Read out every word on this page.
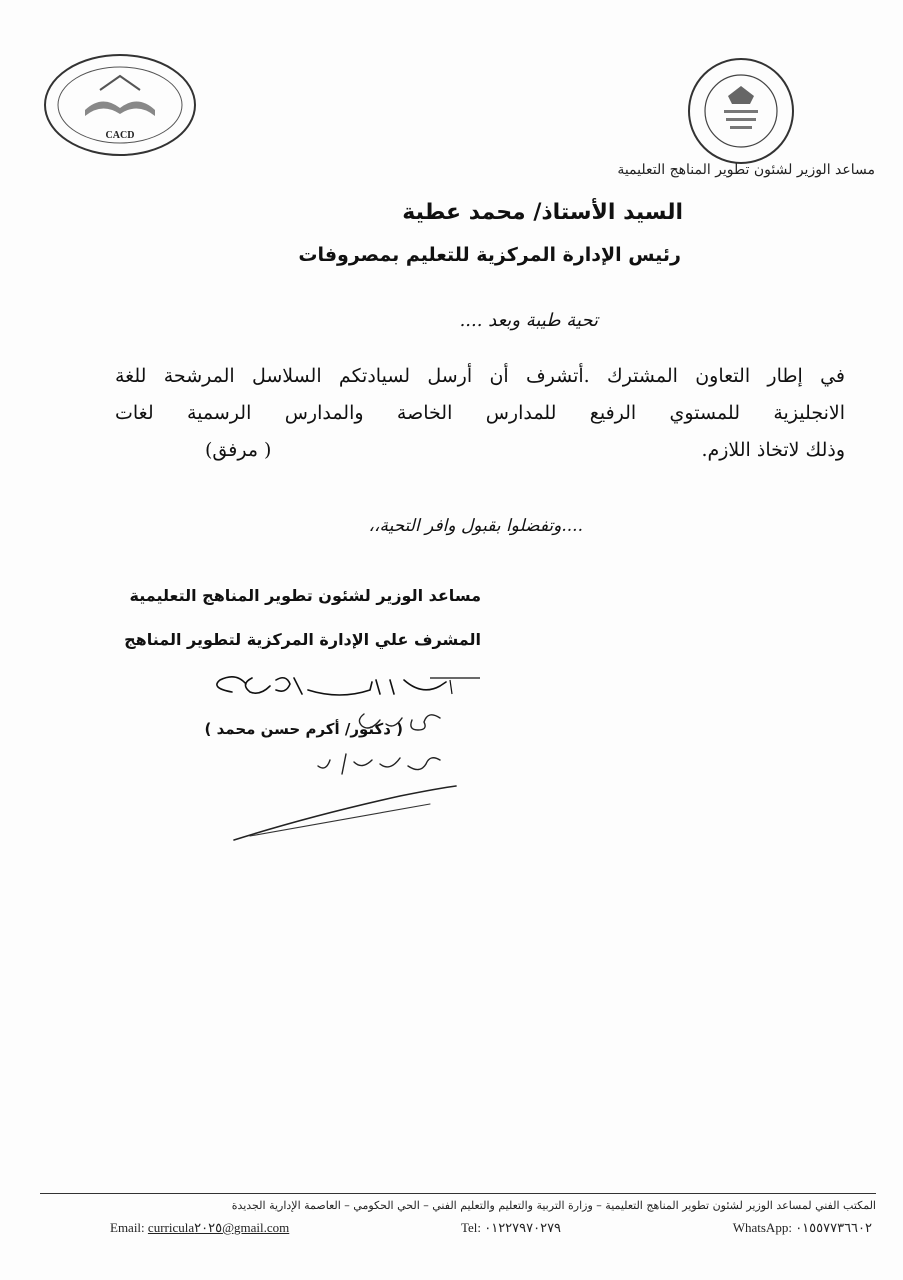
CACD
مساعد الوزير لشئون تطوير المناهج التعليمية
السيد الأستاذ/ محمد عطية
رئيس الإدارة المركزية للتعليم بمصروفات
تحية طيبة وبعد ....
في إطار التعاون المشترك .أتشرف أن أرسل لسيادتكم السلاسل المرشحة للغة
الانجليزية للمستوي الرفيع للمدارس الخاصة والمدارس الرسمية لغات
وذلك لاتخاذ اللازم.
( مرفق)
....وتفضلوا بقبول وافر التحية،،
مساعد الوزير لشئون تطوير المناهج التعليمية
المشرف علي الإدارة المركزية لتطوير المناهج
( دكتور/ أكرم حسن محمد )
المكتب الفني لمساعد الوزير لشئون تطوير المناهج التعليمية – وزارة التربية والتعليم والتعليم الفني – الحي الحكومي – العاصمة الإدارية الجديدة
Email: curricula٢٠٢٥@gmail.com	Tel: ٠١٢٢٧٩٧٠٢٧٩	WhatsApp: ٠١٥٥٧٧٣٦٦٠٢
